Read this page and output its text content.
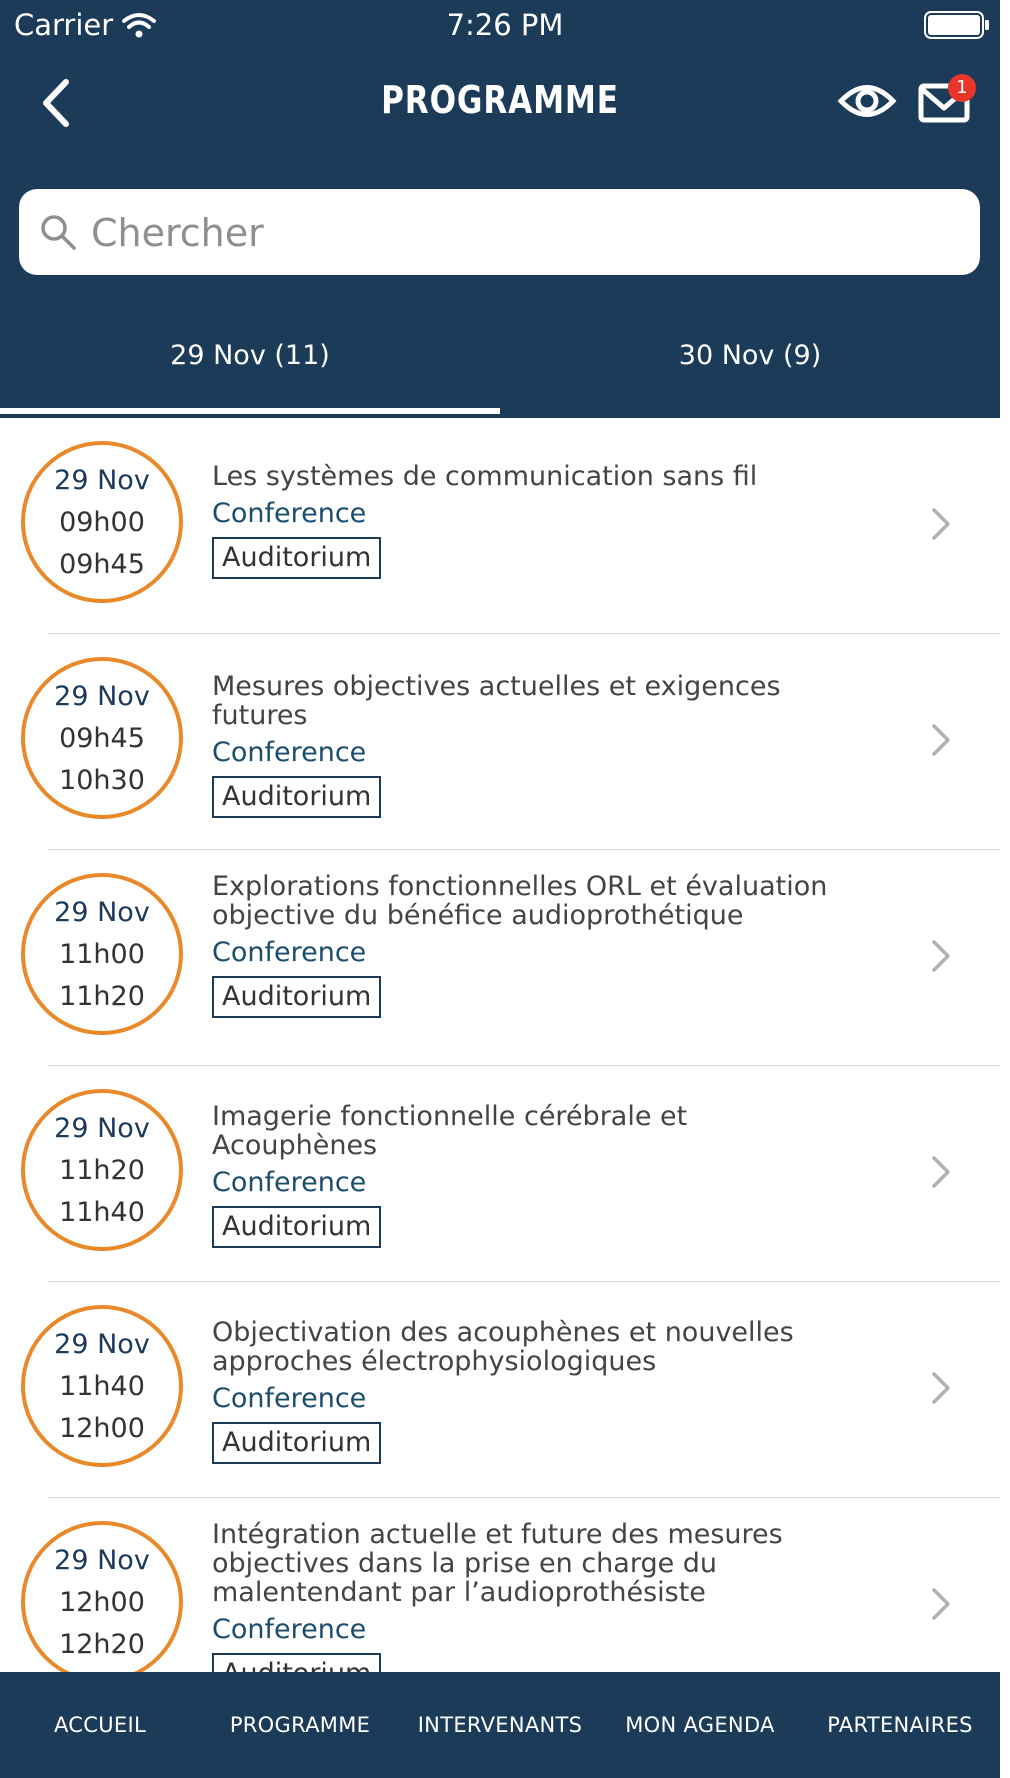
Carrier	7:26 PM
PROGRAMME	1
Chercher
29 Nov (11)	30 Nov (9)
29 Nov
09h00
09h45
Les systèmes de communication sans fil
Conference
Auditorium
29 Nov
09h45
10h30
Mesures objectives actuelles et exigences futures
Conference
Auditorium
29 Nov
11h00
11h20
Explorations fonctionnelles ORL et évaluation objective du bénéfice audioprothétique
Conference
Auditorium
29 Nov
11h20
11h40
Imagerie fonctionnelle cérébrale et Acouphènes
Conference
Auditorium
29 Nov
11h40
12h00
Objectivation des acouphènes et nouvelles approches électrophysiologiques
Conference
Auditorium
29 Nov
12h00
12h20
Intégration actuelle et future des mesures objectives dans la prise en charge du malentendant par l’audioprothésiste
Conference
ACCUEIL	PROGRAMME	INTERVENANTS	MON AGENDA	PARTENAIRES
